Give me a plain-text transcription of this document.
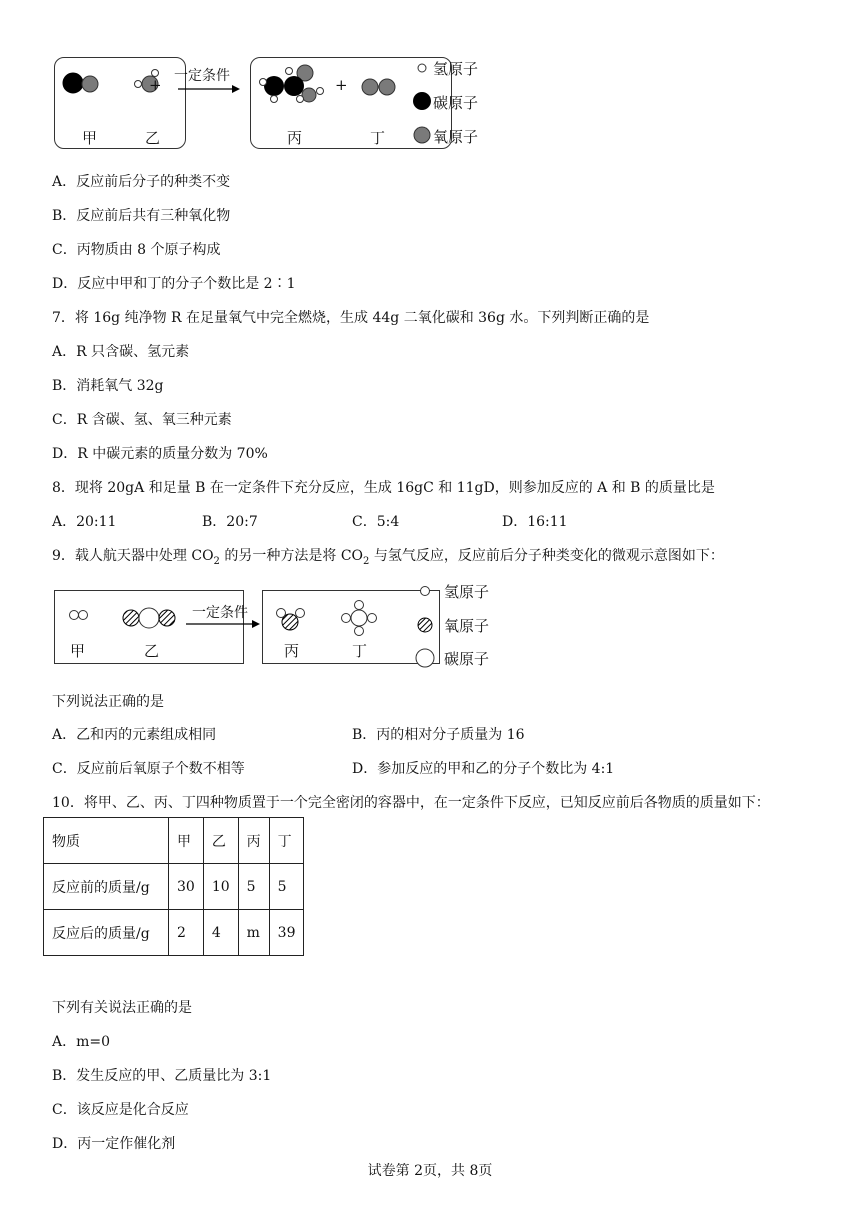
+ 一定条件	+
甲	乙	丙	丁
氢原子
碳原子
氧原子
A．反应前后分子的种类不变
B．反应前后共有三种氧化物
C．丙物质由 8 个原子构成
D．反应中甲和丁的分子个数比是 2∶1
7．将 16g 纯净物 R 在足量氧气中完全燃烧，生成 44g 二氧化碳和 36g 水。下列判断正确的是
A．R 只含碳、氢元素
B．消耗氧气 32g
C．R 含碳、氢、氧三种元素
D．R 中碳元素的质量分数为 70%
8．现将 20gA 和足量 B 在一定条件下充分反应，生成 16gC 和 11gD，则参加反应的 A 和 B 的质量比是
A．20:11	B．20:7	C．5:4	D．16:11
9．载人航天器中处理 $CO_2$ 的另一种方法是将 $CO_2$ 与氢气反应，反应前后分子种类变化的微观示意图如下：
一定条件
甲	乙	丙	丁
氢原子
氧原子
碳原子
下列说法正确的是
A．乙和丙的元素组成相同	B．丙的相对分子质量为 16
C．反应前后氧原子个数不相等	D．参加反应的甲和乙的分子个数比为 4:1
10．将甲、乙、丙、丁四种物质置于一个完全密闭的容器中，在一定条件下反应，已知反应前后各物质的质量如下：
物质	甲	乙	丙	丁
反应前的质量/g	30	10	5	5
反应后的质量/g	2	4	m	39
下列有关说法正确的是
A．m=0
B．发生反应的甲、乙质量比为 3:1
C．该反应是化合反应
D．丙一定作催化剂
试卷第 2页，共 8页
